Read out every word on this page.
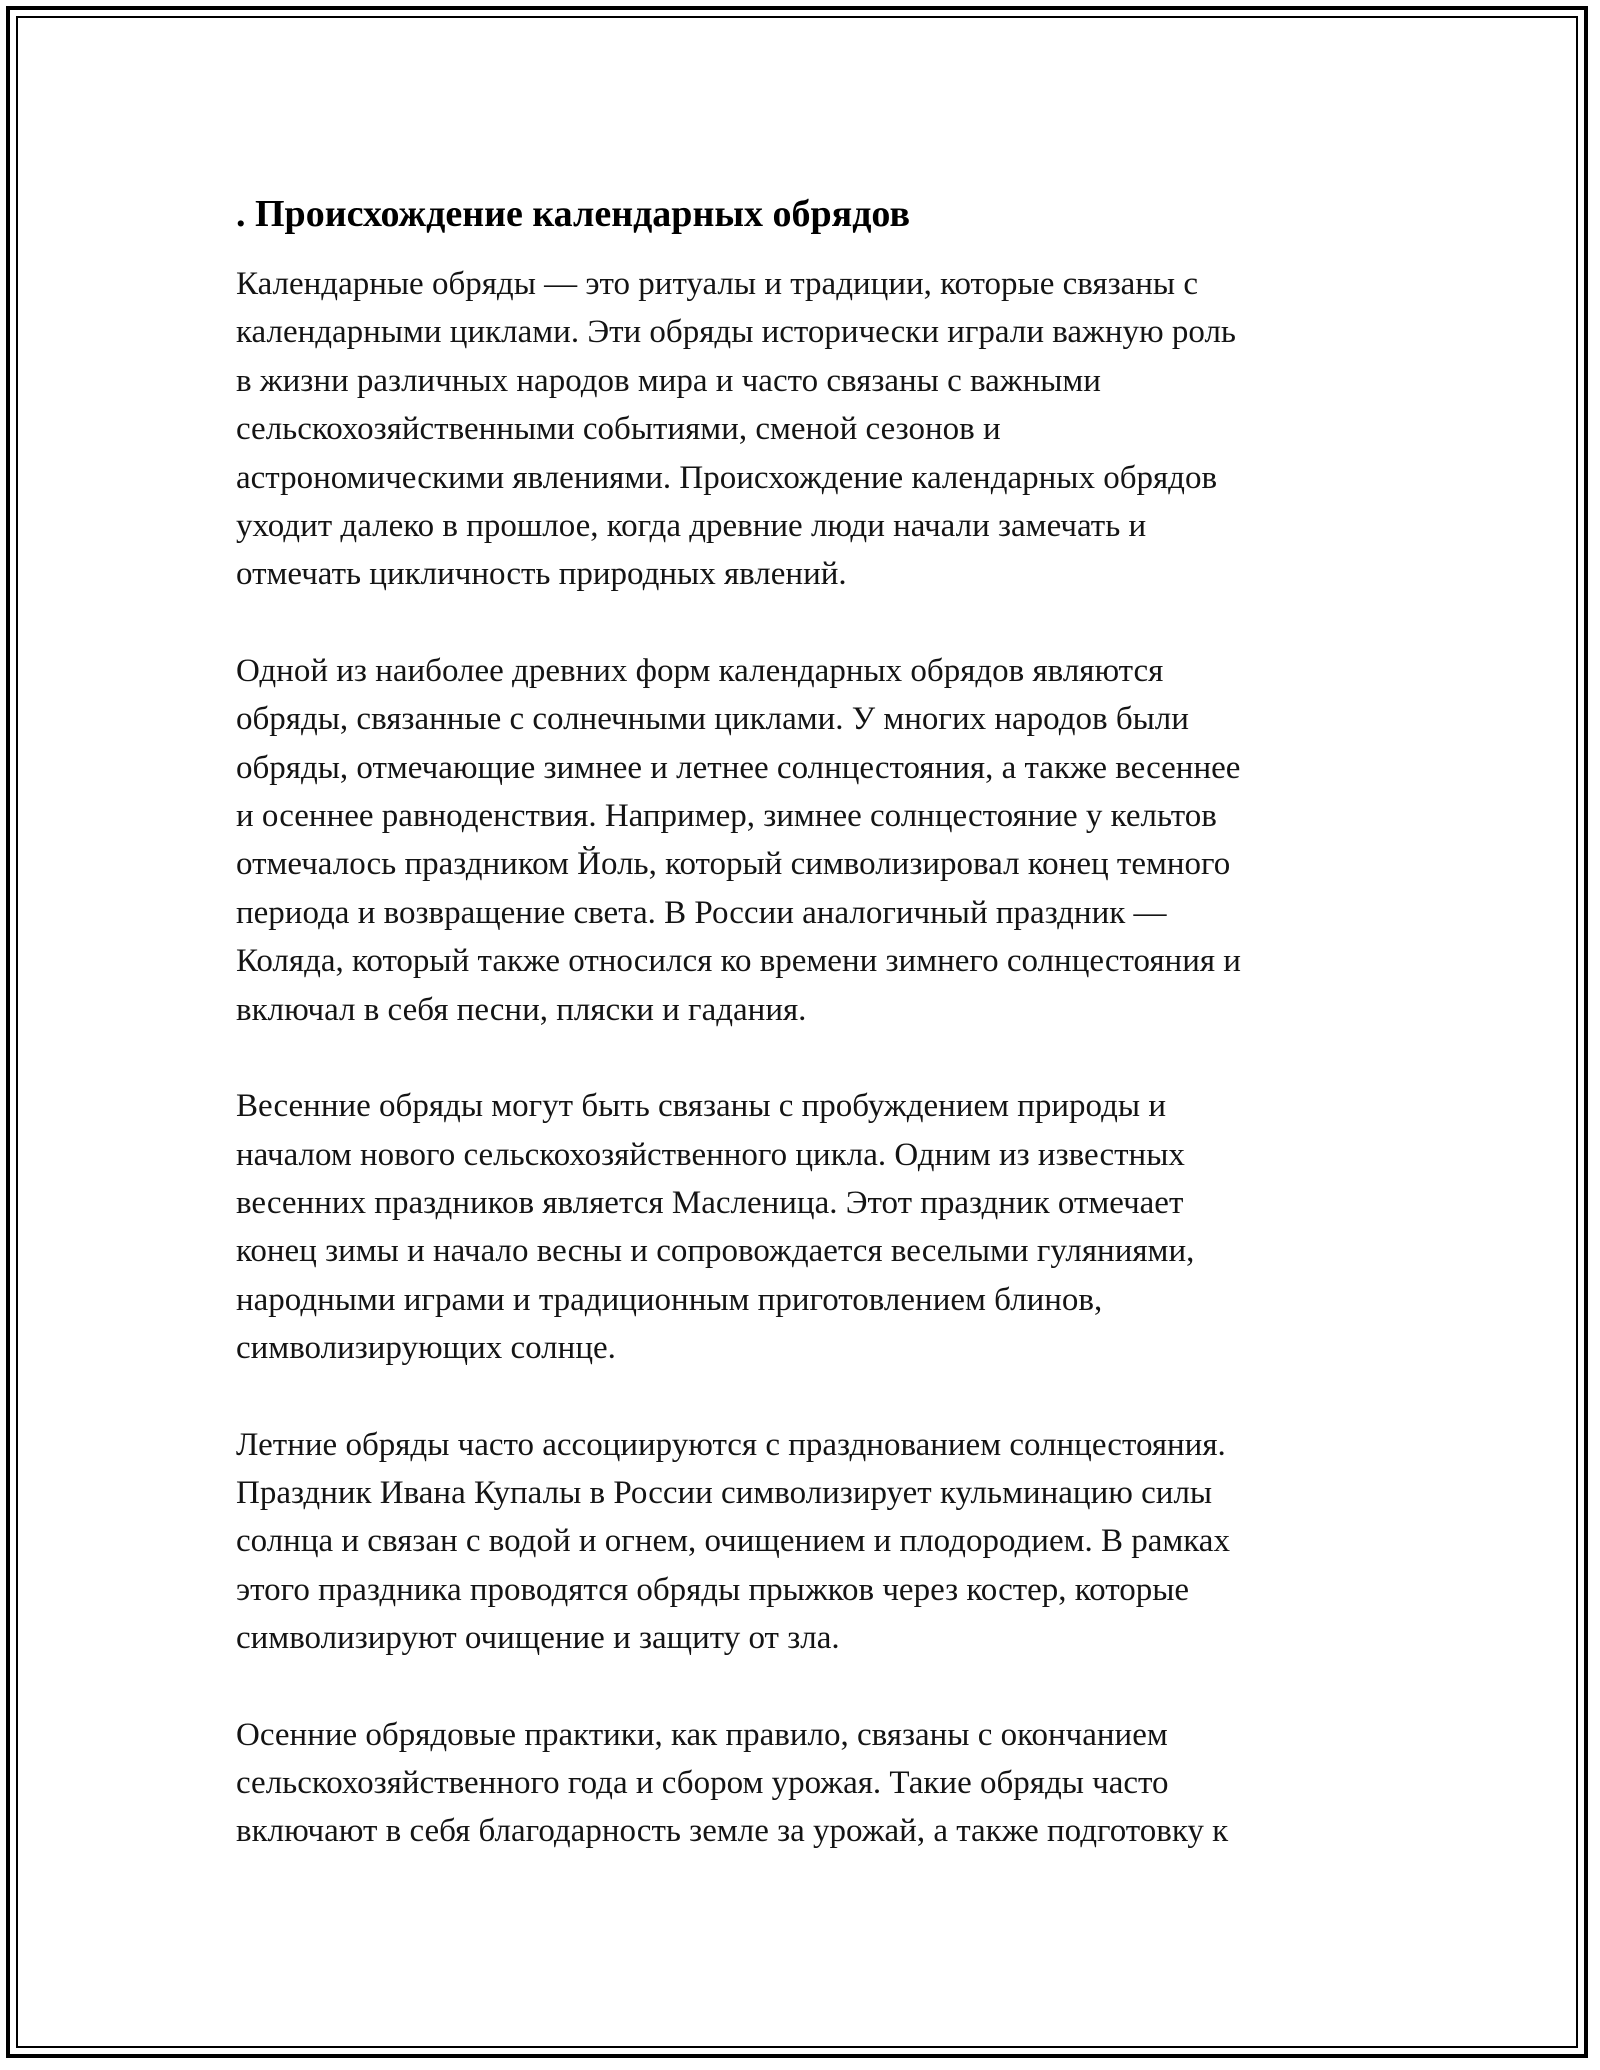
. Происхождение календарных обрядов
Календарные обряды — это ритуалы и традиции, которые связаны с
календарными циклами. Эти обряды исторически играли важную роль
в жизни различных народов мира и часто связаны с важными
сельскохозяйственными событиями, сменой сезонов и
астрономическими явлениями. Происхождение календарных обрядов
уходит далеко в прошлое, когда древние люди начали замечать и
отмечать цикличность природных явлений.
Одной из наиболее древних форм календарных обрядов являются
обряды, связанные с солнечными циклами. У многих народов были
обряды, отмечающие зимнее и летнее солнцестояния, а также весеннее
и осеннее равноденствия. Например, зимнее солнцестояние у кельтов
отмечалось праздником Йоль, который символизировал конец темного
периода и возвращение света. В России аналогичный праздник —
Коляда, который также относился ко времени зимнего солнцестояния и
включал в себя песни, пляски и гадания.
Весенние обряды могут быть связаны с пробуждением природы и
началом нового сельскохозяйственного цикла. Одним из известных
весенних праздников является Масленица. Этот праздник отмечает
конец зимы и начало весны и сопровождается веселыми гуляниями,
народными играми и традиционным приготовлением блинов,
символизирующих солнце.
Летние обряды часто ассоциируются с празднованием солнцестояния.
Праздник Ивана Купалы в России символизирует кульминацию силы
солнца и связан с водой и огнем, очищением и плодородием. В рамках
этого праздника проводятся обряды прыжков через костер, которые
символизируют очищение и защиту от зла.
Осенние обрядовые практики, как правило, связаны с окончанием
сельскохозяйственного года и сбором урожая. Такие обряды часто
включают в себя благодарность земле за урожай, а также подготовку к
